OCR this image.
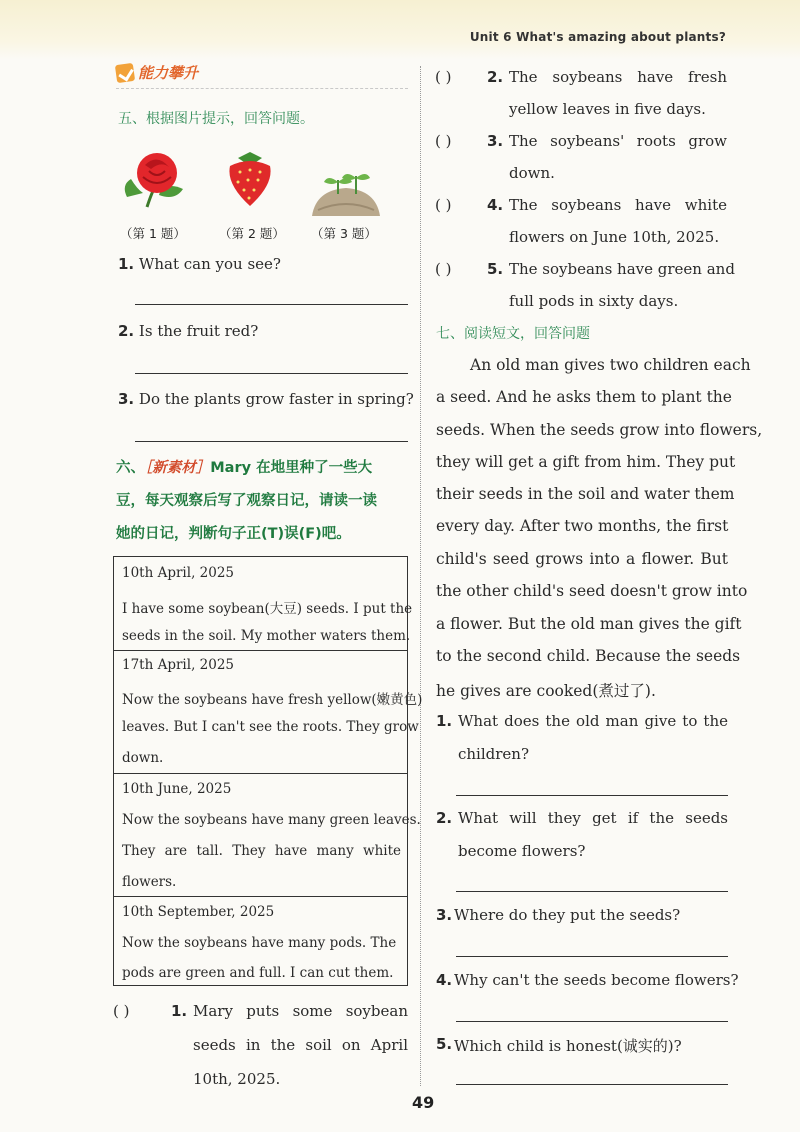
Unit 6 What's amazing about plants?
能力攀升
五、根据图片提示，回答问题。
（第 1 题）	（第 2 题） （第 3 题）
1. What can you see?
2. Is the fruit red?
3. Do the plants grow faster in spring?
六、［新素材］Mary 在地里种了一些大
豆，每天观察后写了观察日记，请读一读
她的日记，判断句子正(T)误(F)吧。
10th April, 2025
I have some soybean(大豆) seeds. I put the
seeds in the soil. My mother waters them.
17th April, 2025
Now the soybeans have fresh yellow(嫩黄色)
leaves. But I can't see the roots. They grow
down.
10th June, 2025
Now the soybeans have many green leaves.
They are tall. They have many white
flowers.
10th September, 2025
Now the soybeans have many pods. The
pods are green and full. I can cut them.
( )	1. Mary puts some soybean
seeds in the soil on April
10th, 2025.
( ) 2. The soybeans have fresh
yellow leaves in five days.
( ) 3. The soybeans' roots grow
down.
( ) 4. The soybeans have white
flowers on June 10th, 2025.
( ) 5. The soybeans have green and
full pods in sixty days.
七、阅读短文，回答问题
An old man gives two children each
a seed. And he asks them to plant the
seeds. When the seeds grow into flowers,
they will get a gift from him. They put
their seeds in the soil and water them
every day. After two months, the first
child's seed grows into a flower. But
the other child's seed doesn't grow into
a flower. But the old man gives the gift
to the second child. Because the seeds
he gives are cooked(煮过了).
1. What does the old man give to the
children?
2. What will they get if the seeds
become flowers?
3. Where do they put the seeds?
4. Why can't the seeds become flowers?
5. Which child is honest(诚实的)?
49
